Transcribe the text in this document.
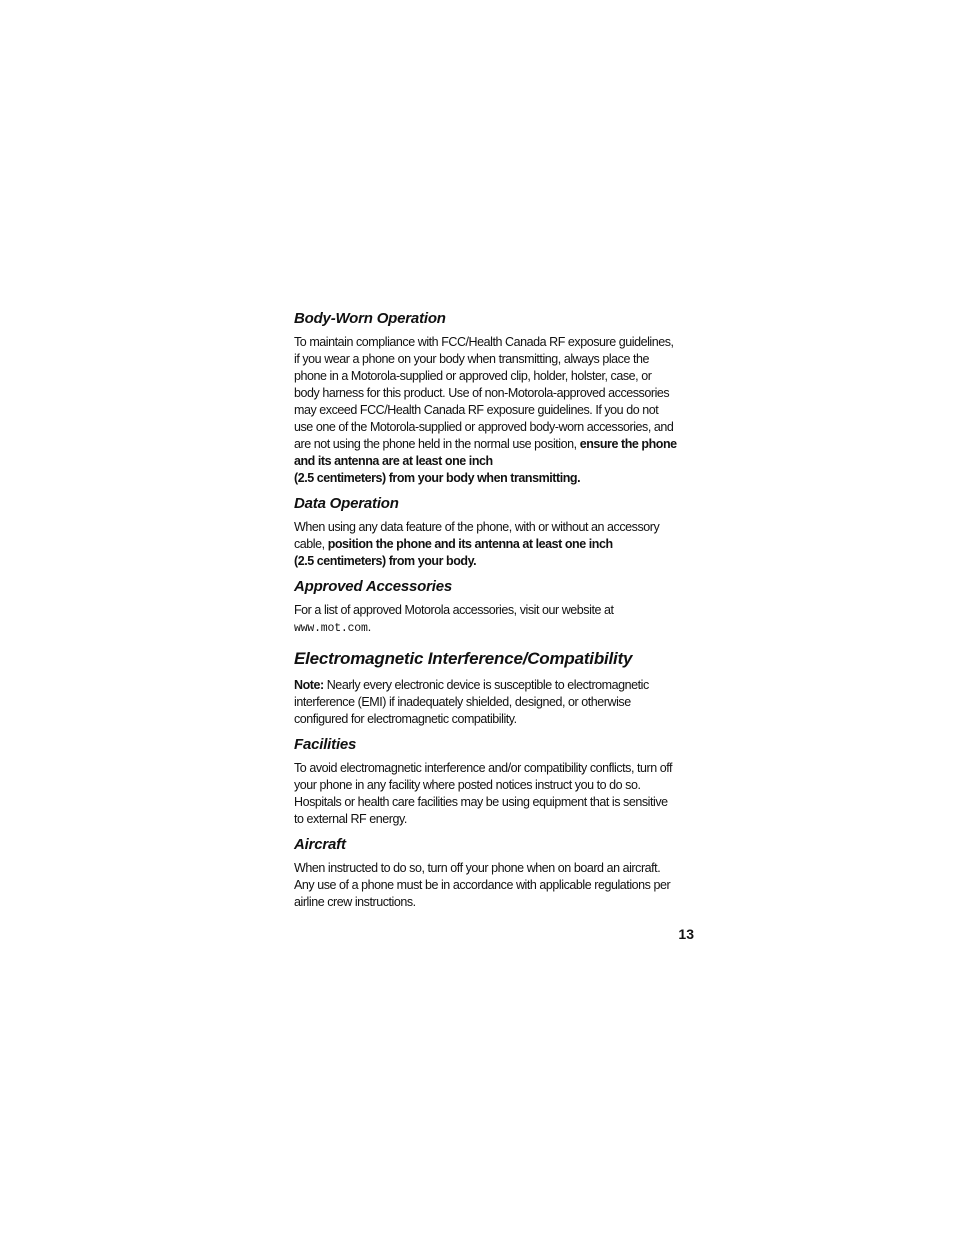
Body-Worn Operation

To maintain compliance with FCC/Health Canada RF exposure guidelines, if you wear a phone on your body when transmitting, always place the phone in a Motorola-supplied or approved clip, holder, holster, case, or body harness for this product. Use of non-Motorola-approved accessories may exceed FCC/Health Canada RF exposure guidelines. If you do not use one of the Motorola-supplied or approved body-worn accessories, and are not using the phone held in the normal use position, ensure the phone and its antenna are at least one inch
(2.5 centimeters) from your body when transmitting.

Data Operation

When using any data feature of the phone, with or without an accessory cable, position the phone and its antenna at least one inch
(2.5 centimeters) from your body.

Approved Accessories

For a list of approved Motorola accessories, visit our website at
www.mot.com.

Electromagnetic Interference/Compatibility

Note: Nearly every electronic device is susceptible to electromagnetic interference (EMI) if inadequately shielded, designed, or otherwise configured for electromagnetic compatibility.

Facilities

To avoid electromagnetic interference and/or compatibility conflicts, turn off your phone in any facility where posted notices instruct you to do so. Hospitals or health care facilities may be using equipment that is sensitive to external RF energy.

Aircraft

When instructed to do so, turn off your phone when on board an aircraft. Any use of a phone must be in accordance with applicable regulations per airline crew instructions.

13
